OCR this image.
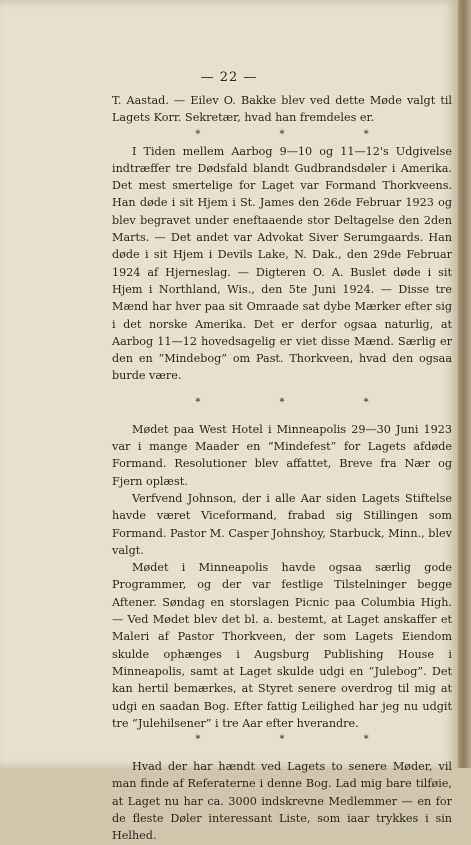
— 22 —

T. Aastad. — Eilev O. Bakke blev ved dette Møde valgt til Lagets Korr. Sekretær, hvad han fremdeles er.

* * *

I Tiden mellem Aarbog 9—10 og 11—12's Udgivelse indtræffer tre Dødsfald blandt Gudbrandsdøler i Amerika. Det mest smertelige for Laget var Formand Thorkveens. Han døde i sit Hjem i St. James den 26de Februar 1923 og blev begravet under eneftaaende stor Deltagelse den 2den Marts. — Det andet var Advokat Siver Serumgaards. Han døde i sit Hjem i Devils Lake, N. Dak., den 29de Februar 1924 af Hjerneslag. — Digteren O. A. Buslet døde i sit Hjem i Northland, Wis., den 5te Juni 1924. — Disse tre Mænd har hver paa sit Omraade sat dybe Mærker efter sig i det norske Amerika. Det er derfor ogsaa naturlig, at Aarbog 11—12 hovedsagelig er viet disse Mænd. Særlig er den en “Mindebog” om Past. Thorkveen, hvad den ogsaa burde være.

* * *

Mødet paa West Hotel i Minneapolis 29—30 Juni 1923 var i mange Maader en “Mindefest” for Lagets afdøde Formand. Resolutioner blev affattet, Breve fra Nær og Fjern oplæst.

Verfvend Johnson, der i alle Aar siden Lagets Stiftelse havde været Viceformand, frabad sig Stillingen som Formand. Pastor M. Casper Johnshoy, Starbuck, Minn., blev valgt.

Mødet i Minneapolis havde ogsaa særlig gode Programmer, og der var festlige Tilstelninger begge Aftener. Søndag en storslagen Picnic paa Columbia High. — Ved Mødet blev det bl. a. bestemt, at Laget anskaffer et Maleri af Pastor Thorkveen, der som Lagets Eiendom skulde ophænges i Augsburg Publishing House i Minneapolis, samt at Laget skulde udgi en “Julebog”. Det kan hertil bemærkes, at Styret senere overdrog til mig at udgi en saadan Bog. Efter fattig Leilighed har jeg nu udgit tre “Julehilsener” i tre Aar efter hverandre.

* * *

Hvad der har hændt ved Lagets to senere Møder, vil man finde af Referaterne i denne Bog. Lad mig bare tilføie, at Laget nu har ca. 3000 indskrevne Medlemmer — en for de fleste Døler interessant Liste, som iaar trykkes i sin Helhed.
